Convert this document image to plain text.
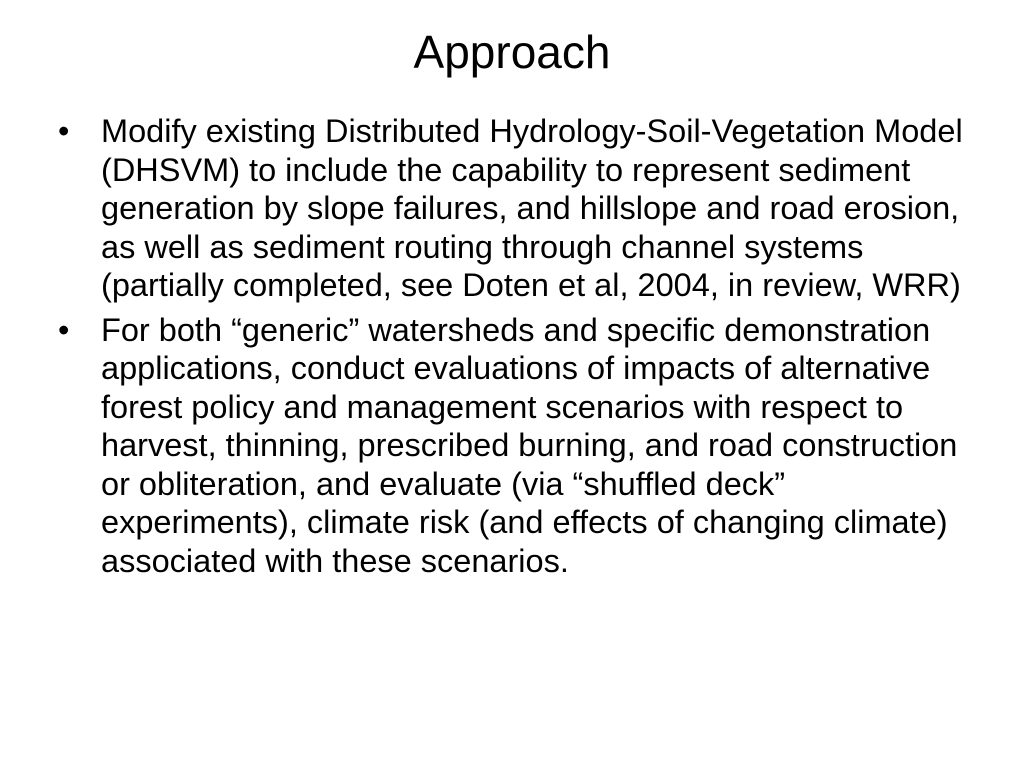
Approach
• Modify existing Distributed Hydrology-Soil-Vegetation Model (DHSVM) to include the capability to represent sediment generation by slope failures, and hillslope and road erosion, as well as sediment routing through channel systems (partially completed, see Doten et al, 2004, in review, WRR)
• For both “generic” watersheds and specific demonstration applications, conduct evaluations of impacts of alternative forest policy and management scenarios with respect to harvest, thinning, prescribed burning, and road construction or obliteration, and evaluate (via “shuffled deck” experiments), climate risk (and effects of changing climate) associated with these scenarios.
